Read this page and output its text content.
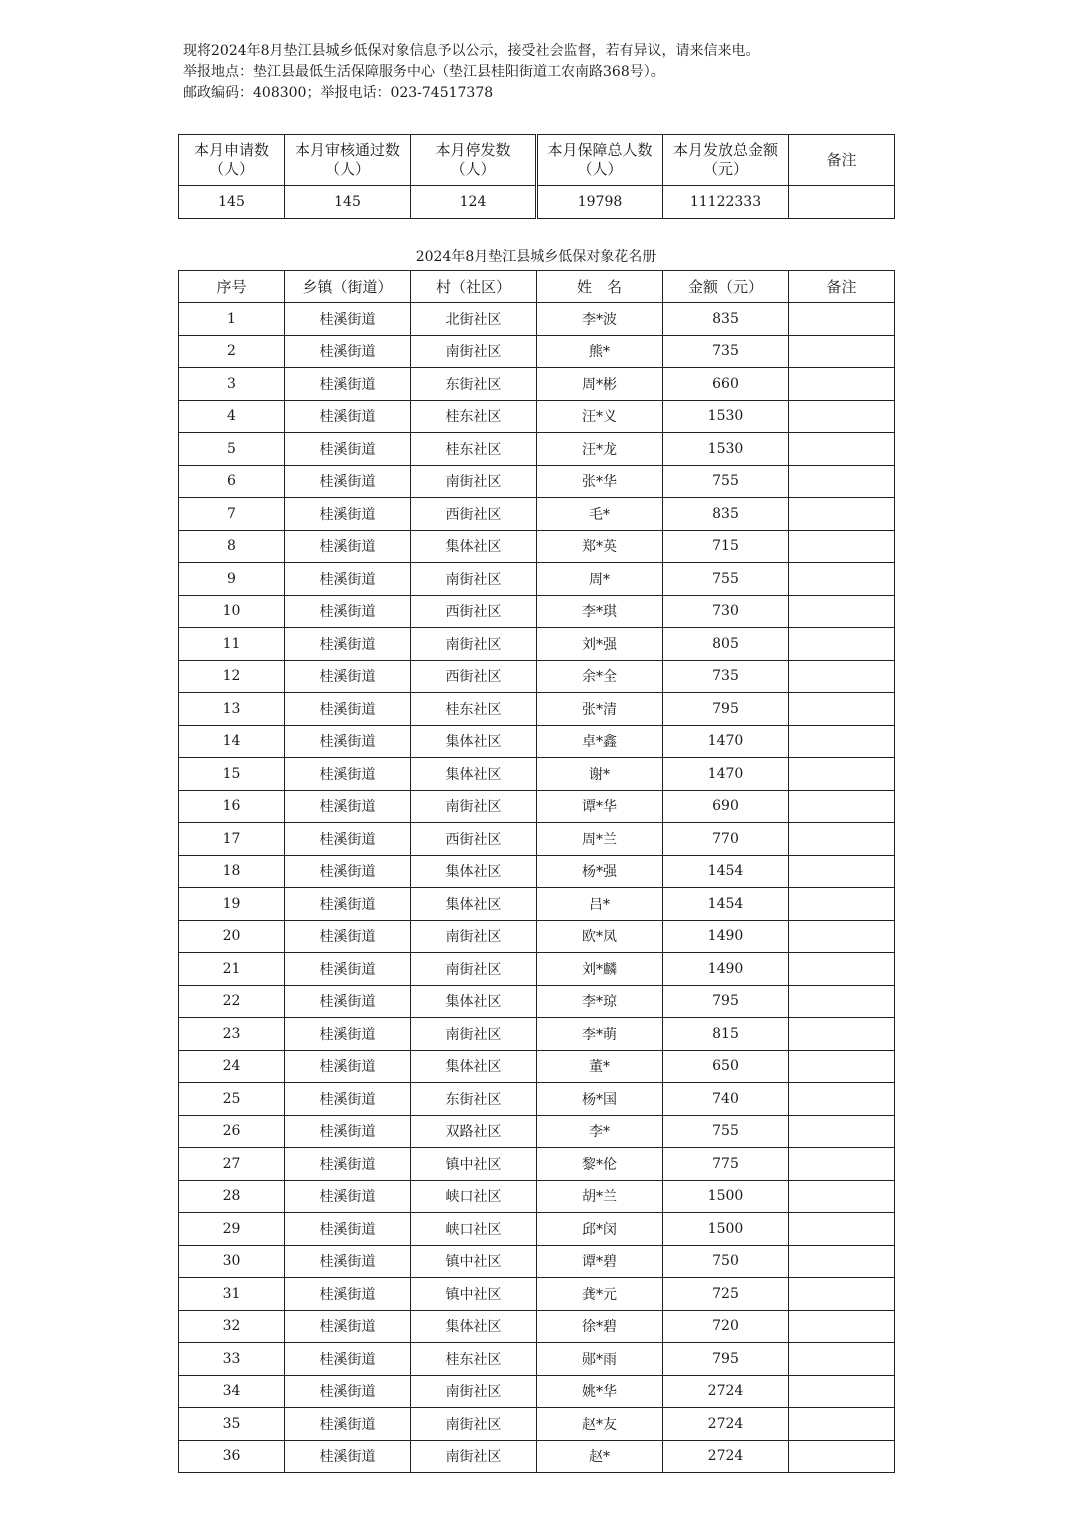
现将2024年8月垫江县城乡低保对象信息予以公示，接受社会监督，若有异议，请来信来电。
举报地点：垫江县最低生活保障服务中心（垫江县桂阳街道工农南路368号）。
邮政编码：408300；举报电话：023-74517378
本月申请数
（人）	本月审核通过数
（人）	本月停发数
（人）	本月保障总人数
（人）	本月发放总金额
（元）	备注
145	145	124	19798	11122333	
2024年8月垫江县城乡低保对象花名册
序号	乡镇（街道）	村（社区）	姓　名	金额（元）	备注
1	桂溪街道	北街社区	李*波	835	
2	桂溪街道	南街社区	熊*	735	
3	桂溪街道	东街社区	周*彬	660	
4	桂溪街道	桂东社区	汪*义	1530	
5	桂溪街道	桂东社区	汪*龙	1530	
6	桂溪街道	南街社区	张*华	755	
7	桂溪街道	西街社区	毛*	835	
8	桂溪街道	集体社区	郑*英	715	
9	桂溪街道	南街社区	周*	755	
10	桂溪街道	西街社区	李*琪	730	
11	桂溪街道	南街社区	刘*强	805	
12	桂溪街道	西街社区	余*全	735	
13	桂溪街道	桂东社区	张*清	795	
14	桂溪街道	集体社区	卓*鑫	1470	
15	桂溪街道	集体社区	谢*	1470	
16	桂溪街道	南街社区	谭*华	690	
17	桂溪街道	西街社区	周*兰	770	
18	桂溪街道	集体社区	杨*强	1454	
19	桂溪街道	集体社区	吕*	1454	
20	桂溪街道	南街社区	欧*凤	1490	
21	桂溪街道	南街社区	刘*麟	1490	
22	桂溪街道	集体社区	李*琼	795	
23	桂溪街道	南街社区	李*萌	815	
24	桂溪街道	集体社区	董*	650	
25	桂溪街道	东街社区	杨*国	740	
26	桂溪街道	双路社区	李*	755	
27	桂溪街道	镇中社区	黎*伦	775	
28	桂溪街道	峡口社区	胡*兰	1500	
29	桂溪街道	峡口社区	邱*闵	1500	
30	桂溪街道	镇中社区	谭*碧	750	
31	桂溪街道	镇中社区	龚*元	725	
32	桂溪街道	集体社区	徐*碧	720	
33	桂溪街道	桂东社区	郧*雨	795	
34	桂溪街道	南街社区	姚*华	2724	
35	桂溪街道	南街社区	赵*友	2724	
36	桂溪街道	南街社区	赵*	2724	
